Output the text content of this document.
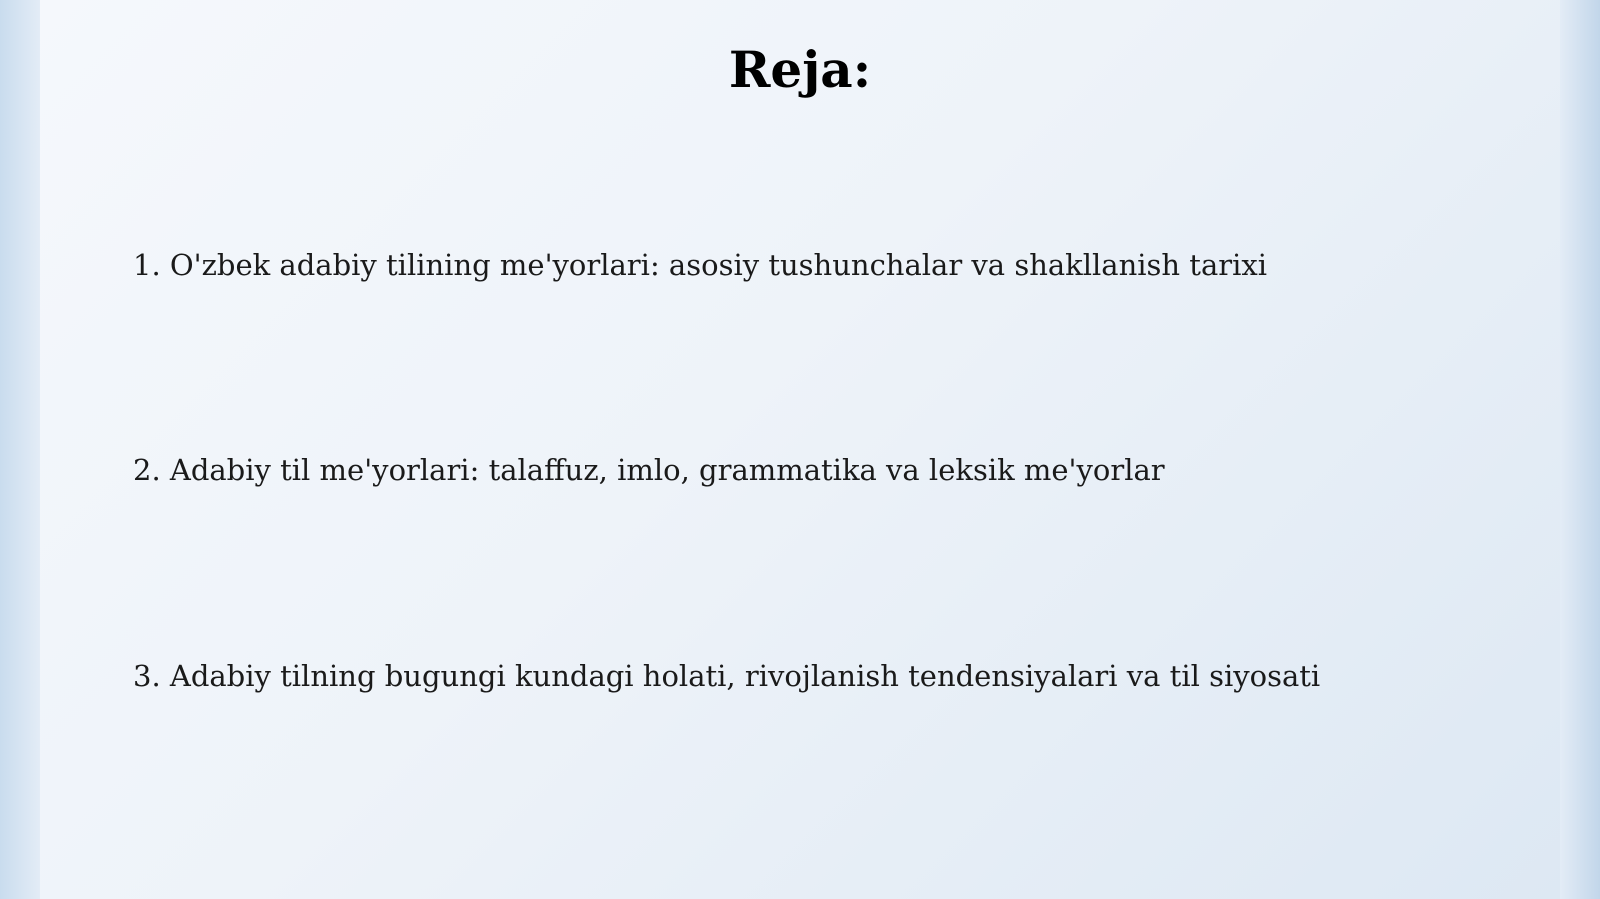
Reja:
1. O'zbek adabiy tilining me'yorlari: asosiy tushunchalar va shakllanish tarixi
2. Adabiy til me'yorlari: talaffuz, imlo, grammatika va leksik me'yorlar
3. Adabiy tilning bugungi kundagi holati, rivojlanish tendensiyalari va til siyosati
